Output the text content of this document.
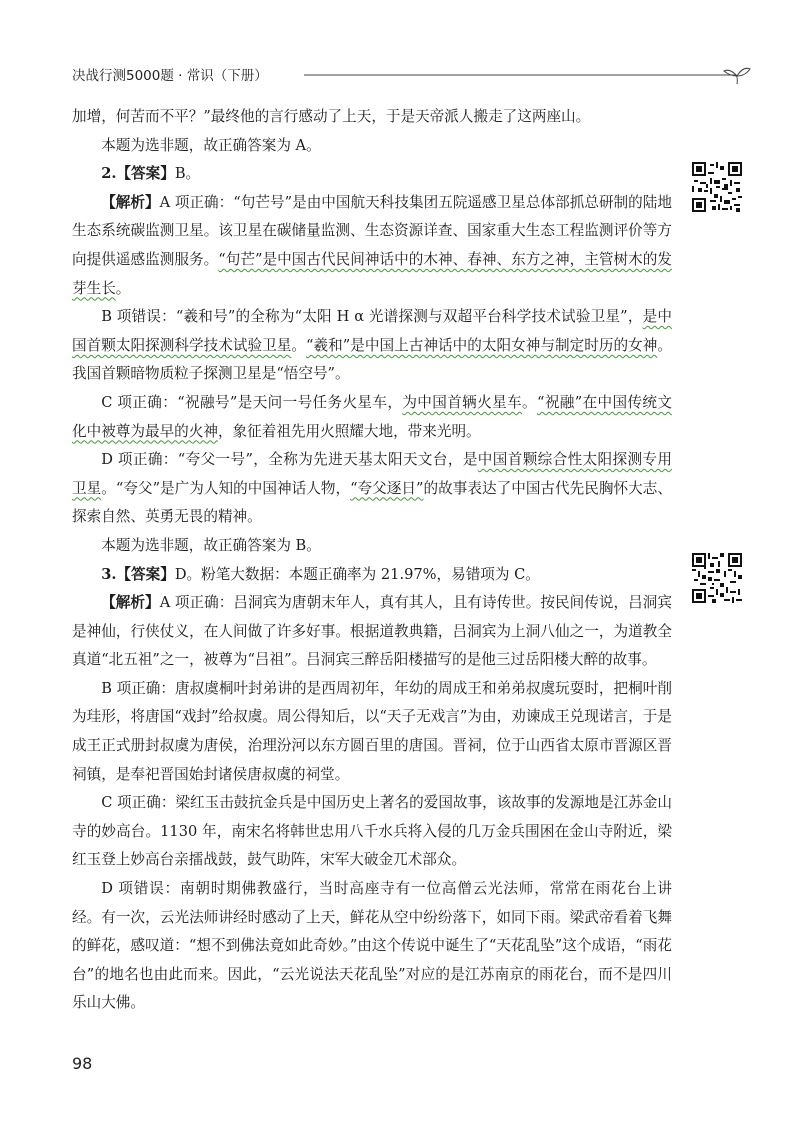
决战行测5000题 · 常识（下册）

加增，何苦而不平？”最终他的言行感动了上天，于是天帝派人搬走了这两座山。

本题为选非题，故正确答案为 A。

2.【答案】B。

【解析】A 项正确：“句芒号”是由中国航天科技集团五院遥感卫星总体部抓总研制的陆地生态系统碳监测卫星。该卫星在碳储量监测、生态资源详查、国家重大生态工程监测评价等方向提供遥感监测服务。“句芒”是中国古代民间神话中的木神、春神、东方之神，主管树木的发芽生长。

B 项错误：“羲和号”的全称为“太阳 H α 光谱探测与双超平台科学技术试验卫星”，是中国首颗太阳探测科学技术试验卫星。“羲和”是中国上古神话中的太阳女神与制定时历的女神。我国首颗暗物质粒子探测卫星是“悟空号”。

C 项正确：“祝融号”是天问一号任务火星车，为中国首辆火星车。“祝融”在中国传统文化中被尊为最早的火神，象征着祖先用火照耀大地，带来光明。

D 项正确：“夸父一号”，全称为先进天基太阳天文台，是中国首颗综合性太阳探测专用卫星。“夸父”是广为人知的中国神话人物，“夸父逐日”的故事表达了中国古代先民胸怀大志、探索自然、英勇无畏的精神。

本题为选非题，故正确答案为 B。

3.【答案】D。粉笔大数据：本题正确率为 21.97%，易错项为 C。

【解析】A 项正确：吕洞宾为唐朝末年人，真有其人，且有诗传世。按民间传说，吕洞宾是神仙，行侠仗义，在人间做了许多好事。根据道教典籍，吕洞宾为上洞八仙之一，为道教全真道“北五祖”之一，被尊为“吕祖”。吕洞宾三醉岳阳楼描写的是他三过岳阳楼大醉的故事。

B 项正确：唐叔虞桐叶封弟讲的是西周初年，年幼的周成王和弟弟叔虞玩耍时，把桐叶削为珪形，将唐国“戏封”给叔虞。周公得知后，以“天子无戏言”为由，劝谏成王兑现诺言，于是成王正式册封叔虞为唐侯，治理汾河以东方圆百里的唐国。晋祠，位于山西省太原市晋源区晋祠镇，是奉祀晋国始封诸侯唐叔虞的祠堂。

C 项正确：梁红玉击鼓抗金兵是中国历史上著名的爱国故事，该故事的发源地是江苏金山寺的妙高台。1130 年，南宋名将韩世忠用八千水兵将入侵的几万金兵围困在金山寺附近，梁红玉登上妙高台亲擂战鼓，鼓气助阵，宋军大破金兀术部众。

D 项错误：南朝时期佛教盛行，当时高座寺有一位高僧云光法师，常常在雨花台上讲经。有一次，云光法师讲经时感动了上天，鲜花从空中纷纷落下，如同下雨。梁武帝看着飞舞的鲜花，感叹道：“想不到佛法竟如此奇妙。”由这个传说中诞生了“天花乱坠”这个成语，“雨花台”的地名也由此而来。因此，“云光说法天花乱坠”对应的是江苏南京的雨花台，而不是四川乐山大佛。

98
